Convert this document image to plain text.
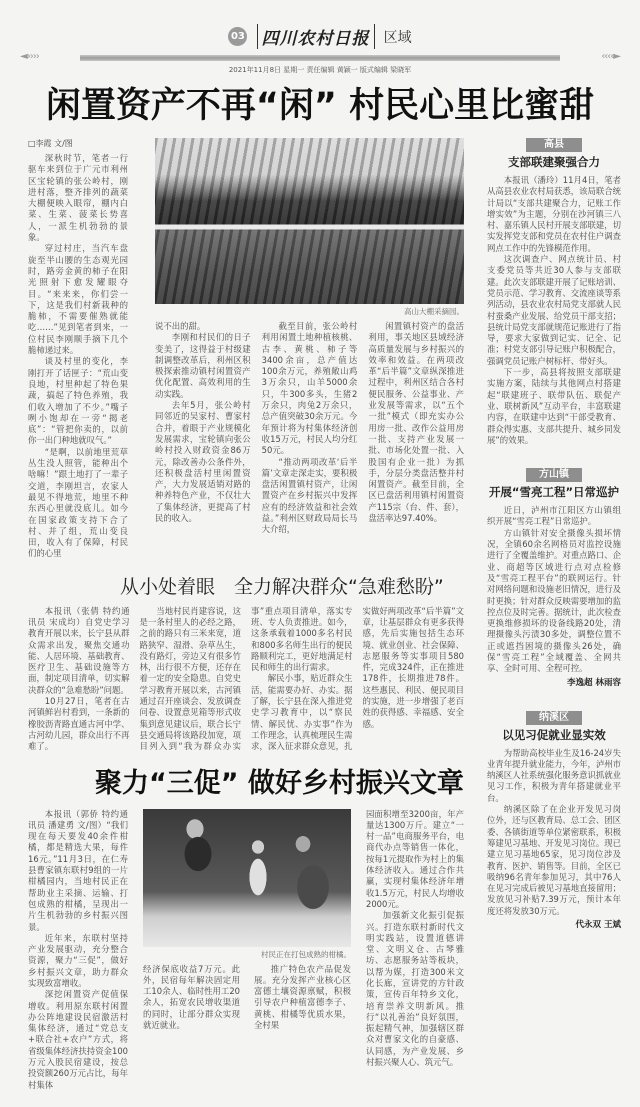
03 四川农村日报 区域
◄››››	‹‹‹‹►
2021年11月8日 星期一 责任编辑 黄颖一 版式编辑 梁晓军
闲置资产不再“闲” 村民心里比蜜甜
□李霞 文/图

深秋时节，笔者一行驱车来到位于广元市利州区宝轮镇的张公岭村，刚进村落，整齐排列的蔬菜大棚便映入眼帘，棚内白菜、生菜、菠菜长势喜人，一派生机勃勃的景象。

穿过村庄，当汽车盘旋至半山腰的生态观光园时，路旁金黄的柿子在阳光照射下愈发耀眼夺目。“来来来，你们尝一下，这是我们村新栽种的脆柿，不需要催熟就能吃……”见到笔者到来，一位村民李刚顺手摘下几个脆柿递过来。

谈及村里的变化，李刚打开了话匣子：“荒山变良地，村里种起了特色果蔬，搞起了特色养殖，我们收入增加了不少。”嘴子咧小饱却在一旁“揭老底”：“管把你卖的，以前你一出门种地就叹气。”

“是啊，以前地里荒草丛生没人照管，能种出个啥嘛！”跟土地打了一辈子交道，李刚坦言，农家人最见不得地荒，地里不种东西心里就没底儿。如今在国家政策支持下合了村、并了组，荒山变良田，收入有了保障，村民们的心里

高山大棚采摘园。

说不出的甜。

李刚和村民们的日子变美了，这得益于村级建制调整改革后，利州区积极探索推动镇村闲置资产优化配置、高效利用的生动实践。

去年5月，张公岭村同邻近的吴家村、曹家村合并，着眼于产业规模化发展需求，宝轮镇向张公岭村投入财政资金86万元，除改善办公条件外，还积极盘活村里闲置资产，大力发展适销对路的种养特色产业，不仅壮大了集体经济，更提高了村民的收入。

截至目前，张公岭村利用闲置土地种植核桃、古李、黄桃、柿子等3400余亩，总产值达100余万元，养殖敞山鸡3万余只，山羊5000余只，牛300多头，生猪2万余只，肉兔2万余只，总产值突破30余万元。今年预计将为村集体经济创收15万元，村民人均分红50元。

“推动两项改革‘后半篇’文章走深走实，要积极盘活闲置镇村资产，让闲置资产在乡村振兴中发挥应有的经济效益和社会效益。”利州区财政局局长马大介绍，

闲置镇村资产的盘活利用，事关地区县域经济高质量发展与乡村振兴的效率和效益。在两项改革“后半篇”文章纵深推进过程中，利州区结合各村便民服务、公益事业、产业发展等需求，以“五个一批”模式（即充实办公用房一批、改作公益用房一批、支持产业发展一批、市场化处置一批、入股国有企业一批）为抓手，分层分类盘活整并村闲置资产。截至目前，全区已盘活利用镇村闲置资产115宗（台、件、套），盘活率达97.40%。

从小处着眼　全力解决群众“急难愁盼”

本报讯（张倩 特约通讯员 宋成均）自党史学习教育开展以来，长宁县从群众需求出发，聚焦交通功能、人居环境、基础教育、医疗卫生、基础设施等方面，制定项目清单，切实解决群众的“急难愁盼”问题。

10月27日，笔者在古河镇鲜岩村看到，一条新的橡胶沥青路直通古河中学、古河幼儿园，群众出行不再难了。

当地村民肖建容说，这是一条村里人的必经之路，之前的路只有三米来宽，道路狭窄、湿滑、杂草丛生，没有路灯，旁边又有很多竹林，出行很不方便，还存在着一定的安全隐患。自党史学习教育开展以来，古河镇通过召开座谈会、发放调查问卷、设置意见箱等形式收集到意见建议后，联合长宁县交通局将该路段加宽，项目列入到“我为群众办实事”重点项目清单，落实专班、专人负责推进。如今，这条承载着1000多名村民和800多名师生出行的便民路顺利完工，更好地满足村民和师生的出行需求。

解民小事，贴近群众生活，能需要办好、办实。据了解，长宁县在深入推进党史学习教育中，以“察民情、解民忧、办实事”作为工作理念，认真梳理民生需求，深入征求群众意见，扎实做好两项改革“后半篇”文章，让基层群众有更多获得感，先后实施包括生态环境、就业创业、社会保障、志愿服务等实事项目580件，完成324件，正在推进178件，长期推进78件。这些惠民、利民、便民项目的实施，进一步增强了老百姓的获得感、幸福感、安全感。

聚力“三促” 做好乡村振兴文章

本报讯（郭侨 特约通讯员 潘建勇 文/图）“我们现在每天要发40余件柑橘，都是精选大果，每件16元。”11月3日，在仁寿县曹家镇东联村9组的一片柑橘园内，当地村民正在帮助业主采摘、运输、打包成熟的柑橘，呈现出一片生机勃勃的乡村振兴图景。

近年来，东联村坚持产业发展驱动，充分整合资源，聚力“三促”，做好乡村振兴文章，助力群众实现致富增收。

深挖闲置资产促值保增收。利用原东联村闲置办公阵地建设民宿激活村集体经济，通过“党总支+联合社+农户”方式，将省级集体经济扶持资金100万元入股民宿建设，按总投资额260万元占比，每年村集体

村民正在打包成熟的柑橘。

经济保底收益7万元。此外，民宿每年解决固定用工10余人、临时性用工20余人，拓宽农民增收渠道的同时，让部分群众实现就近就业。

推广特色农产品促发展。充分发挥产业核心区富德土壤资源禀赋，积极引导农户种植富德李子、黄桃、柑橘等优质水果，全村果

园面积增至3200亩，年产量达1300万斤。建立“一村一品”电商服务平台，电商代办点等销售一体化，按每1元提取作为村上的集体经济收入。通过合作共赢，实现村集体经济年增收1.5万元，村民人均增收2000元。

加强新文化振引促振兴。打造东联村新时代文明实践站，设置道德讲堂、文明义仓、古琴雅坊、志愿服务站等板块，以帮为媒，打造300米文化长廊，宣讲党的方针政策，宣传百年特乡文化，培育崇养文明新风。推行“以礼善治”良好氛围，振起精气神，加强辖区群众对曹家文化的自豪感、认同感，为产业发展、乡村振兴聚人心、筑元气。

高县
支部联建聚强合力

本报讯（潘玲）11月4日，笔者从高县农业农村局获悉，该局联合统计局以“支部共建聚合力，记账工作增实效”为主题，分别在沙河镇三八村、嘉乐镇人民村开展支部联建，切实发挥党支部和党员在农村住户调查网点工作中的先锋模范作用。

这次调查户、网点统计员、村支委党员等共近30人参与支部联建。此次支部联建开展了记账培训、党员示范、学习教育、交流座谈等系列活动，县农业农村局党支部就人民村蚕桑产业发展、给党员干部支招；县统计局党支部就规范记账进行了指导，要求大家做到记实、记全、记准；村党支部引导记账户积极配合，强调党员记账户树标杆、带好头。

下一步，高县将按照支部联建实施方案，陆续与其他网点村搭建起“联建班子、联带队伍、联促产业、联树新风”互动平台，丰富联建内容，在联建中达到“干部受教育、群众得实惠、支部共提升、城乡同发展”的效果。

方山镇
开展“雪亮工程”日常巡护

近日，泸州市江阳区方山镇组织开展“雪亮工程”日常巡护。

方山镇针对安全摄像头损坏情况，全镇60余名网格员对监控设施进行了全覆盖维护。对重点路口、企业、商超等区域进行点对点检修及“雪亮工程平台”的联网运行。针对网络问题和设施老旧情况，进行及时更换；针对群众反映需要增加的监控点位及时完善。据统计，此次检查更换维修损坏的设备线路20处，清理摄像头污渍30多处，调整位置不正或遮挡困境的摄像头26处，确保“雪亮工程”全域覆盖、全网共享、全时可用、全程可控。

李逸超 林雨容
纳溪区
以见习促就业显实效

为帮助高校毕业生及16-24岁失业青年提升就业能力，今年，泸州市纳溪区人社系统强化服务意识抓就业见习工作，积极为青年搭建就业平台。

纳溪区除了在企业开发见习岗位外，还与区教育局、总工会、团区委、各镇街道等单位紧密联系，积极筹建见习基地、开发见习岗位。现已建立见习基地65家，见习岗位涉及教育、医护、销售等。目前，全区已吸纳96名青年参加见习，其中76人在见习完成后被见习基地直接留用；发放见习补贴7.39万元，预计本年度还将发放30万元。

代永双 王斌
